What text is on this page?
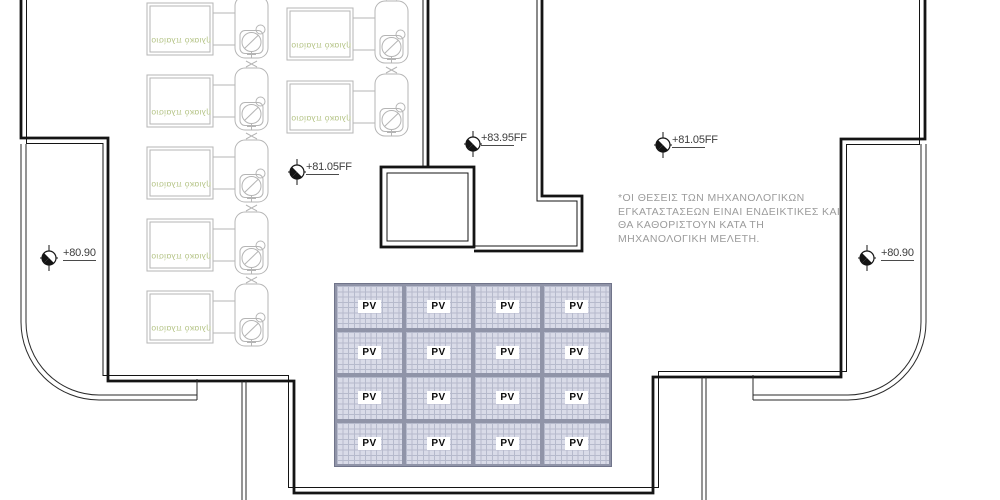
+83.95FF	+81.05FF
+81.05FF
+80.90	+80.90
*ΟΙ ΘΕΣΕΙΣ ΤΩΝ ΜΗΧΑΝΟΛΟΓΙΚΩΝ
ΕΓΚΑΤΑΣΤΑΣΕΩΝ ΕΙΝΑΙ ΕΝΔΕΙΚΤΙΚΕΣ ΚΑΙ
ΘΑ ΚΑΘΟΡΙΣΤΟΥΝ ΚΑΤΑ ΤΗ
ΜΗΧΑΝΟΛΟΓΙΚΗ ΜΕΛΕΤΗ.
PV	PV	PV	PV
PV	PV	PV	PV
PV	PV	PV	PV
PV	PV	PV	PV
ηλιακό πλαίσιο
ηλιακό πλαίσιο
ηλιακό πλαίσιο
ηλιακό πλαίσιο
ηλιακό πλαίσιο
ηλιακό πλαίσιο
ηλιακό πλαίσιο
